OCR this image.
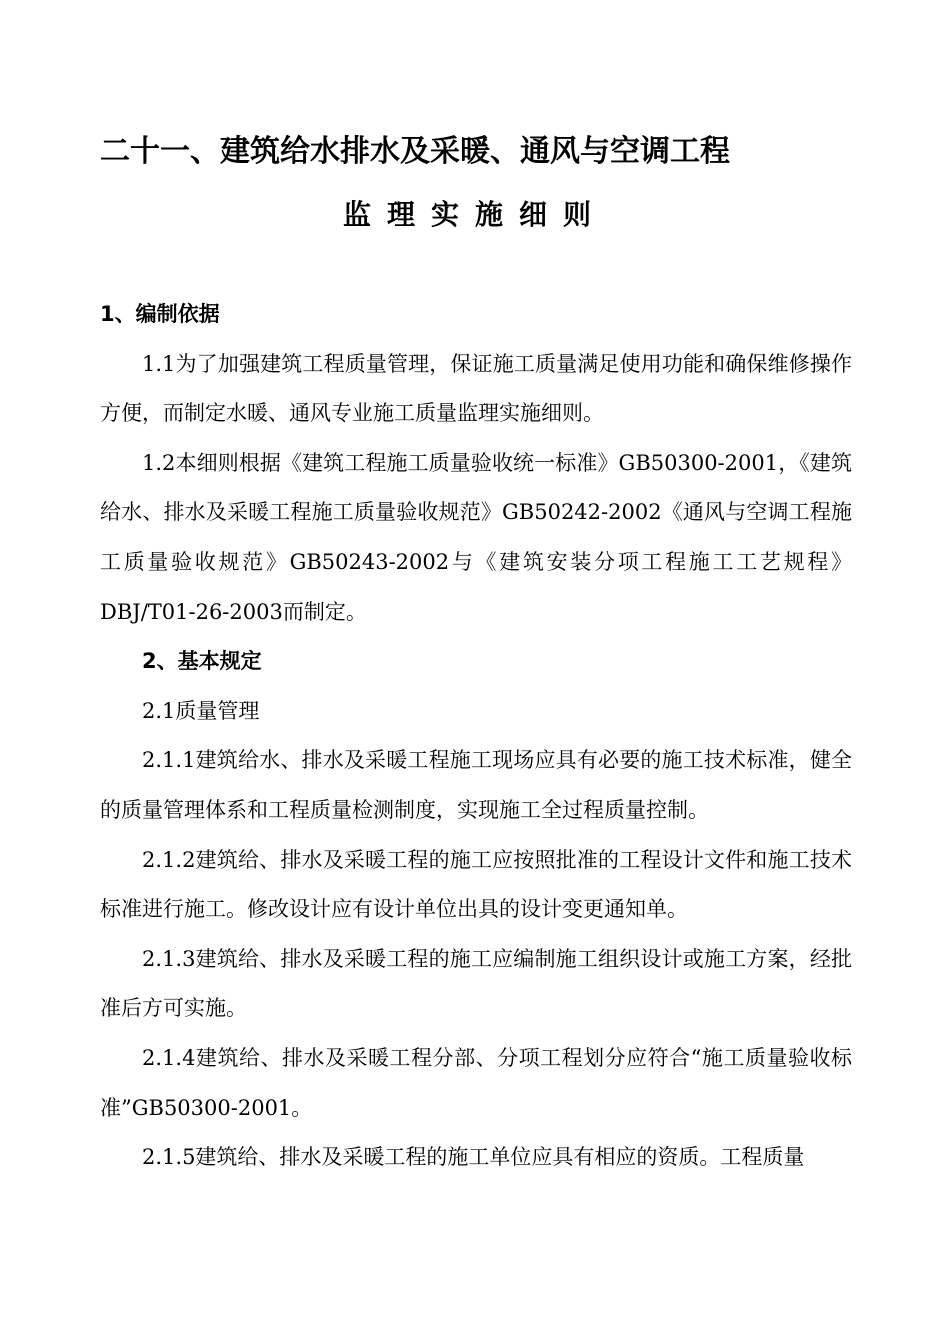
二十一、建筑给水排水及采暖、通风与空调工程
监理实施细则

1、编制依据

1.1为了加强建筑工程质量管理，保证施工质量满足使用功能和确保维修操作方便，而制定水暖、通风专业施工质量监理实施细则。

1.2本细则根据《建筑工程施工质量验收统一标准》GB50300-2001，《建筑给水、排水及采暖工程施工质量验收规范》GB50242-2002《通风与空调工程施工质量验收规范》GB50243-2002与《建筑安装分项工程施工工艺规程》DBJ/T01-26-2003而制定。

2、基本规定

2.1质量管理

2.1.1建筑给水、排水及采暖工程施工现场应具有必要的施工技术标准，健全的质量管理体系和工程质量检测制度，实现施工全过程质量控制。

2.1.2建筑给、排水及采暖工程的施工应按照批准的工程设计文件和施工技术标准进行施工。修改设计应有设计单位出具的设计变更通知单。

2.1.3建筑给、排水及采暖工程的施工应编制施工组织设计或施工方案，经批准后方可实施。

2.1.4建筑给、排水及采暖工程分部、分项工程划分应符合“施工质量验收标准”GB50300-2001。

2.1.5建筑给、排水及采暖工程的施工单位应具有相应的资质。工程质量
